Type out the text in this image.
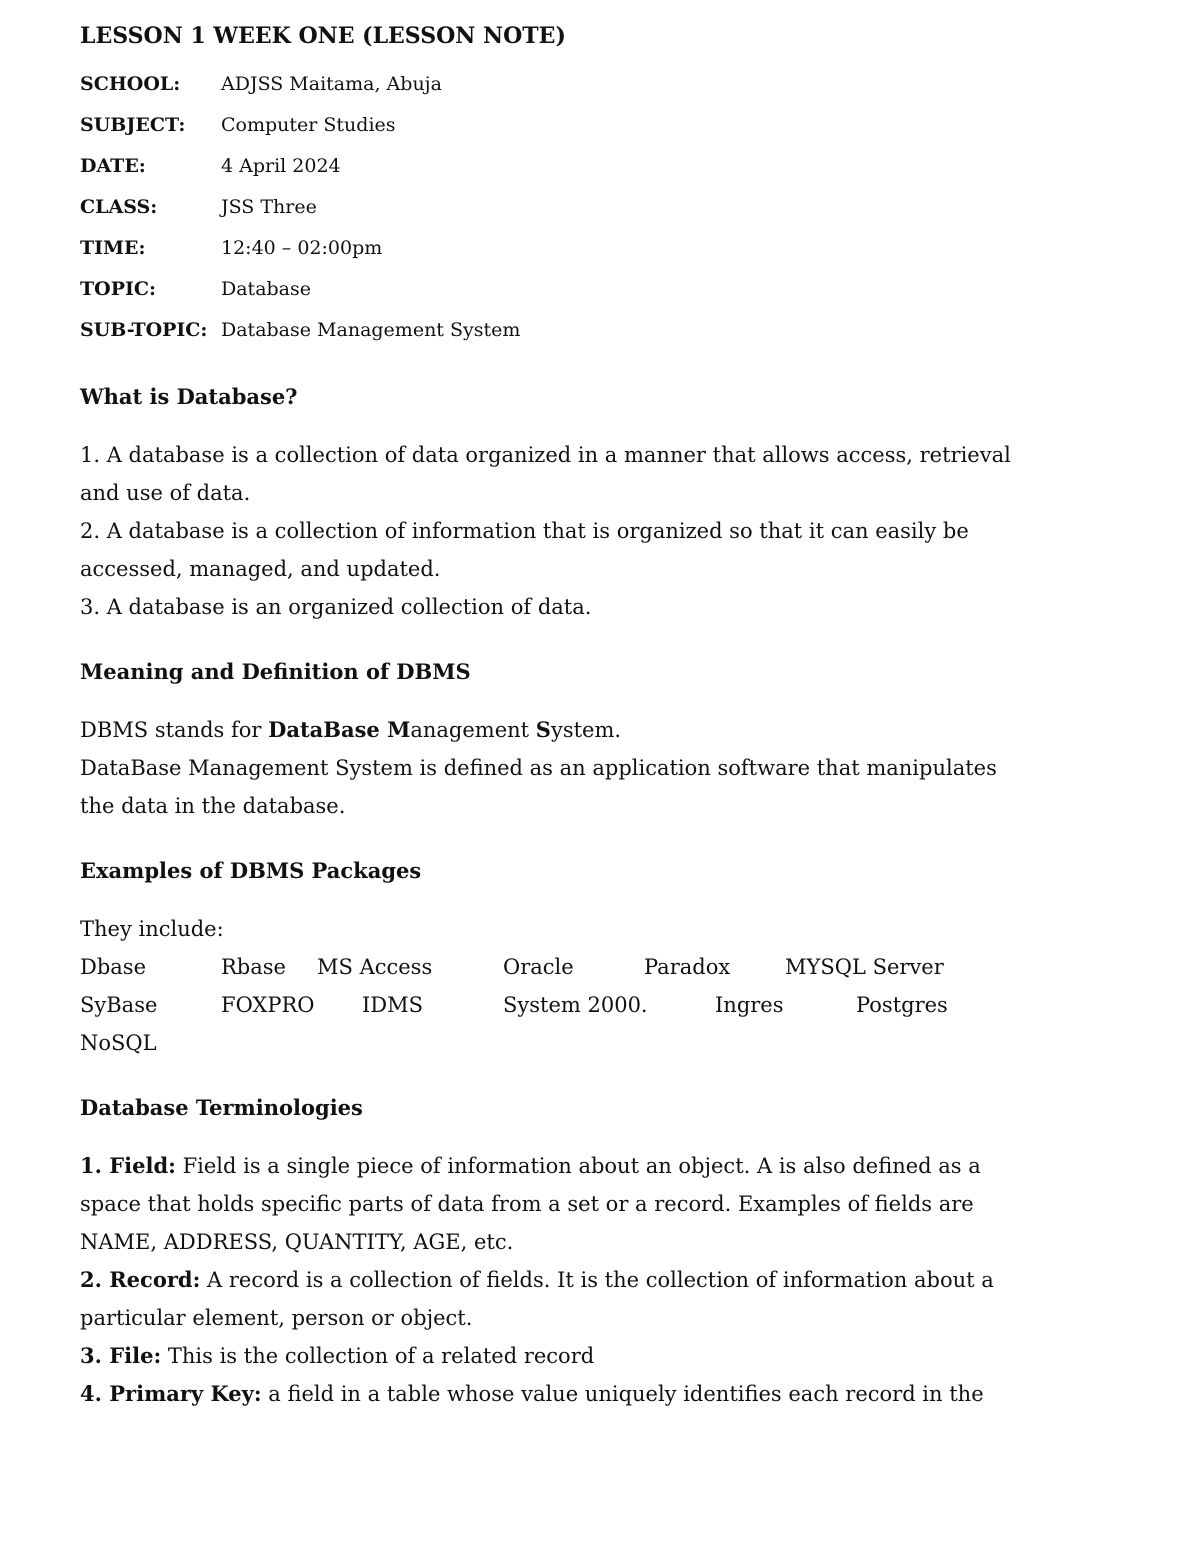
LESSON 1 WEEK ONE (LESSON NOTE)
SCHOOL:	ADJSS Maitama, Abuja
SUBJECT:	Computer Studies
DATE:	4 April 2024
CLASS:	JSS Three
TIME:	12:40 – 02:00pm
TOPIC:	Database
SUB-TOPIC: Database Management System
What is Database?

1. A database is a collection of data organized in a manner that allows access, retrieval

and use of data.

2. A database is a collection of information that is organized so that it can easily be

accessed, managed, and updated.

3. A database is an organized collection of data.

Meaning and Definition of DBMS

DBMS stands for DataBase Management System.

DataBase Management System is defined as an application software that manipulates

the data in the database.

Examples of DBMS Packages

They include:

Dbase	Rbase	MS Access	Oracle	Paradox	MYSQL Server
SyBase	FOXPRO	IDMS	System 2000.	Ingres	Postgres
NoSQL
Database Terminologies

1. Field: Field is a single piece of information about an object. A is also defined as a

space that holds specific parts of data from a set or a record. Examples of fields are

NAME, ADDRESS, QUANTITY, AGE, etc.

2. Record: A record is a collection of fields. It is the collection of information about a

particular element, person or object.

3. File: This is the collection of a related record

4. Primary Key: a field in a table whose value uniquely identifies each record in the
